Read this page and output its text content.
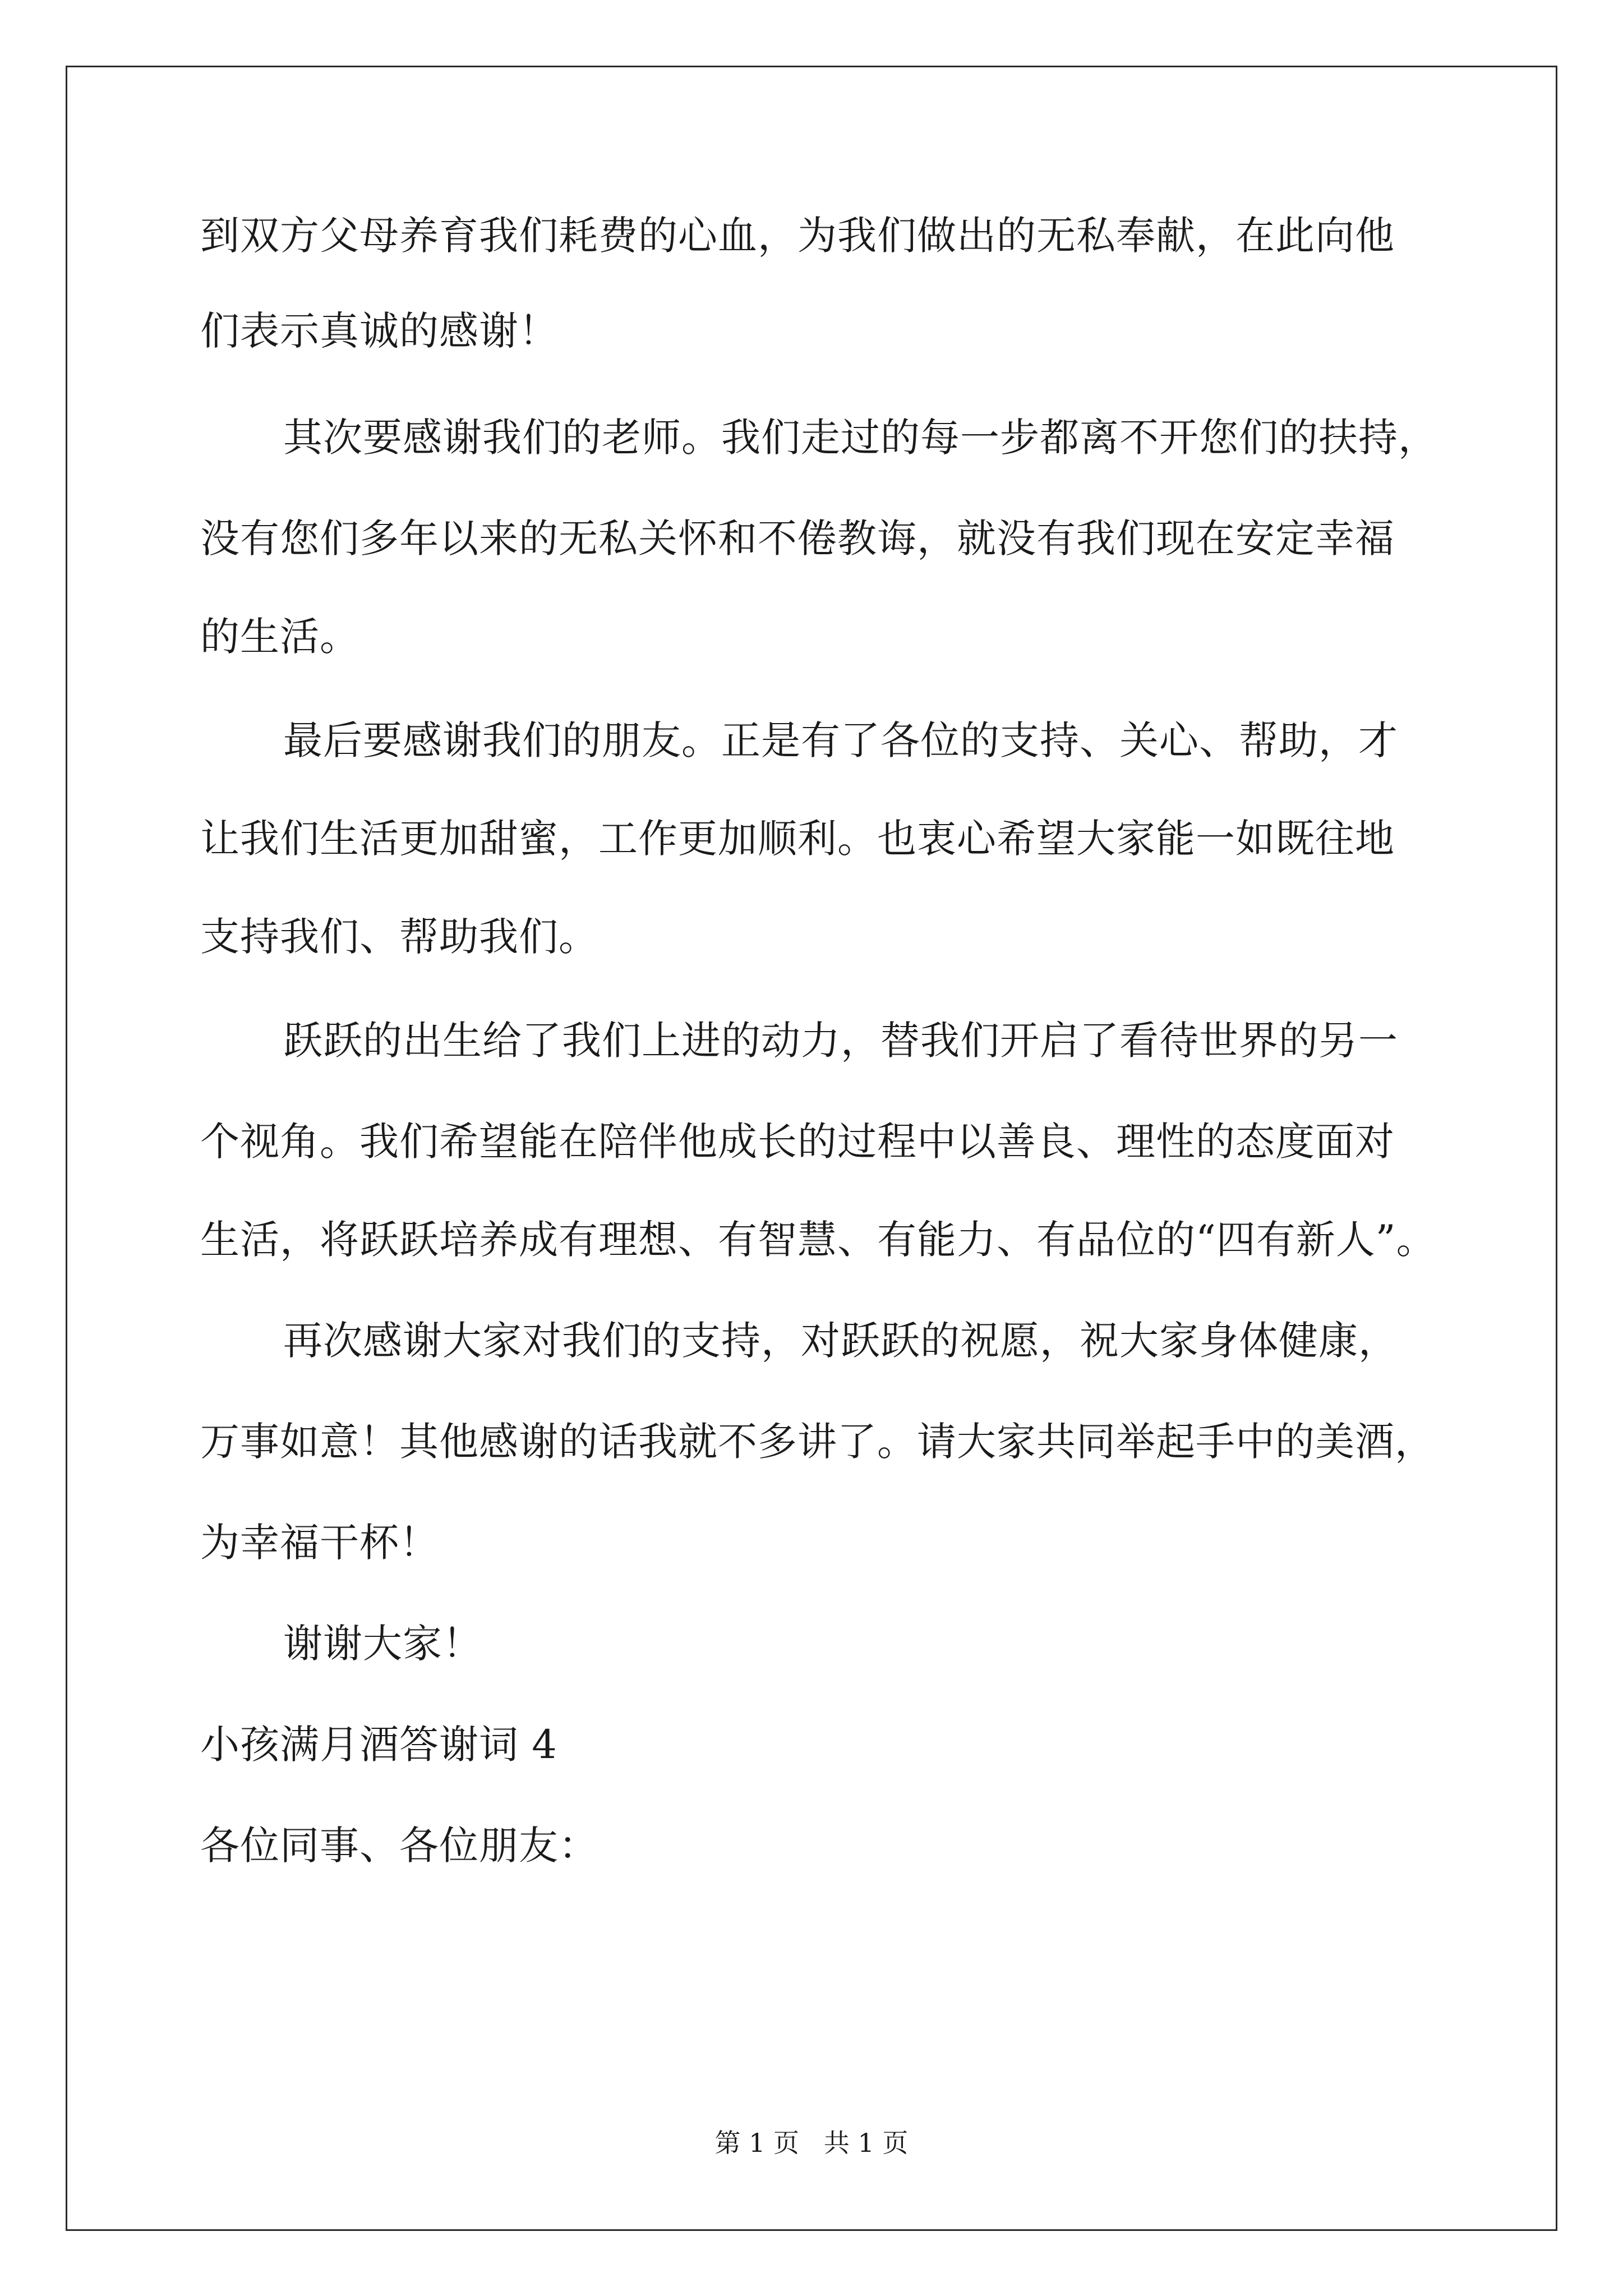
到双方父母养育我们耗费的心血，为我们做出的无私奉献，在此向他
们表示真诚的感谢！
其次要感谢我们的老师。我们走过的每一步都离不开您们的扶持，
没有您们多年以来的无私关怀和不倦教诲，就没有我们现在安定幸福
的生活。
最后要感谢我们的朋友。正是有了各位的支持、关心、帮助，才
让我们生活更加甜蜜，工作更加顺利。也衷心希望大家能一如既往地
支持我们、帮助我们。
跃跃的出生给了我们上进的动力，替我们开启了看待世界的另一
个视角。我们希望能在陪伴他成长的过程中以善良、理性的态度面对
生活，将跃跃培养成有理想、有智慧、有能力、有品位的“四有新人”。
再次感谢大家对我们的支持，对跃跃的祝愿，祝大家身体健康，
万事如意！其他感谢的话我就不多讲了。请大家共同举起手中的美酒，
为幸福干杯！
谢谢大家！
小孩满月酒答谢词 4
各位同事、各位朋友：
第 1 页   共 1 页
